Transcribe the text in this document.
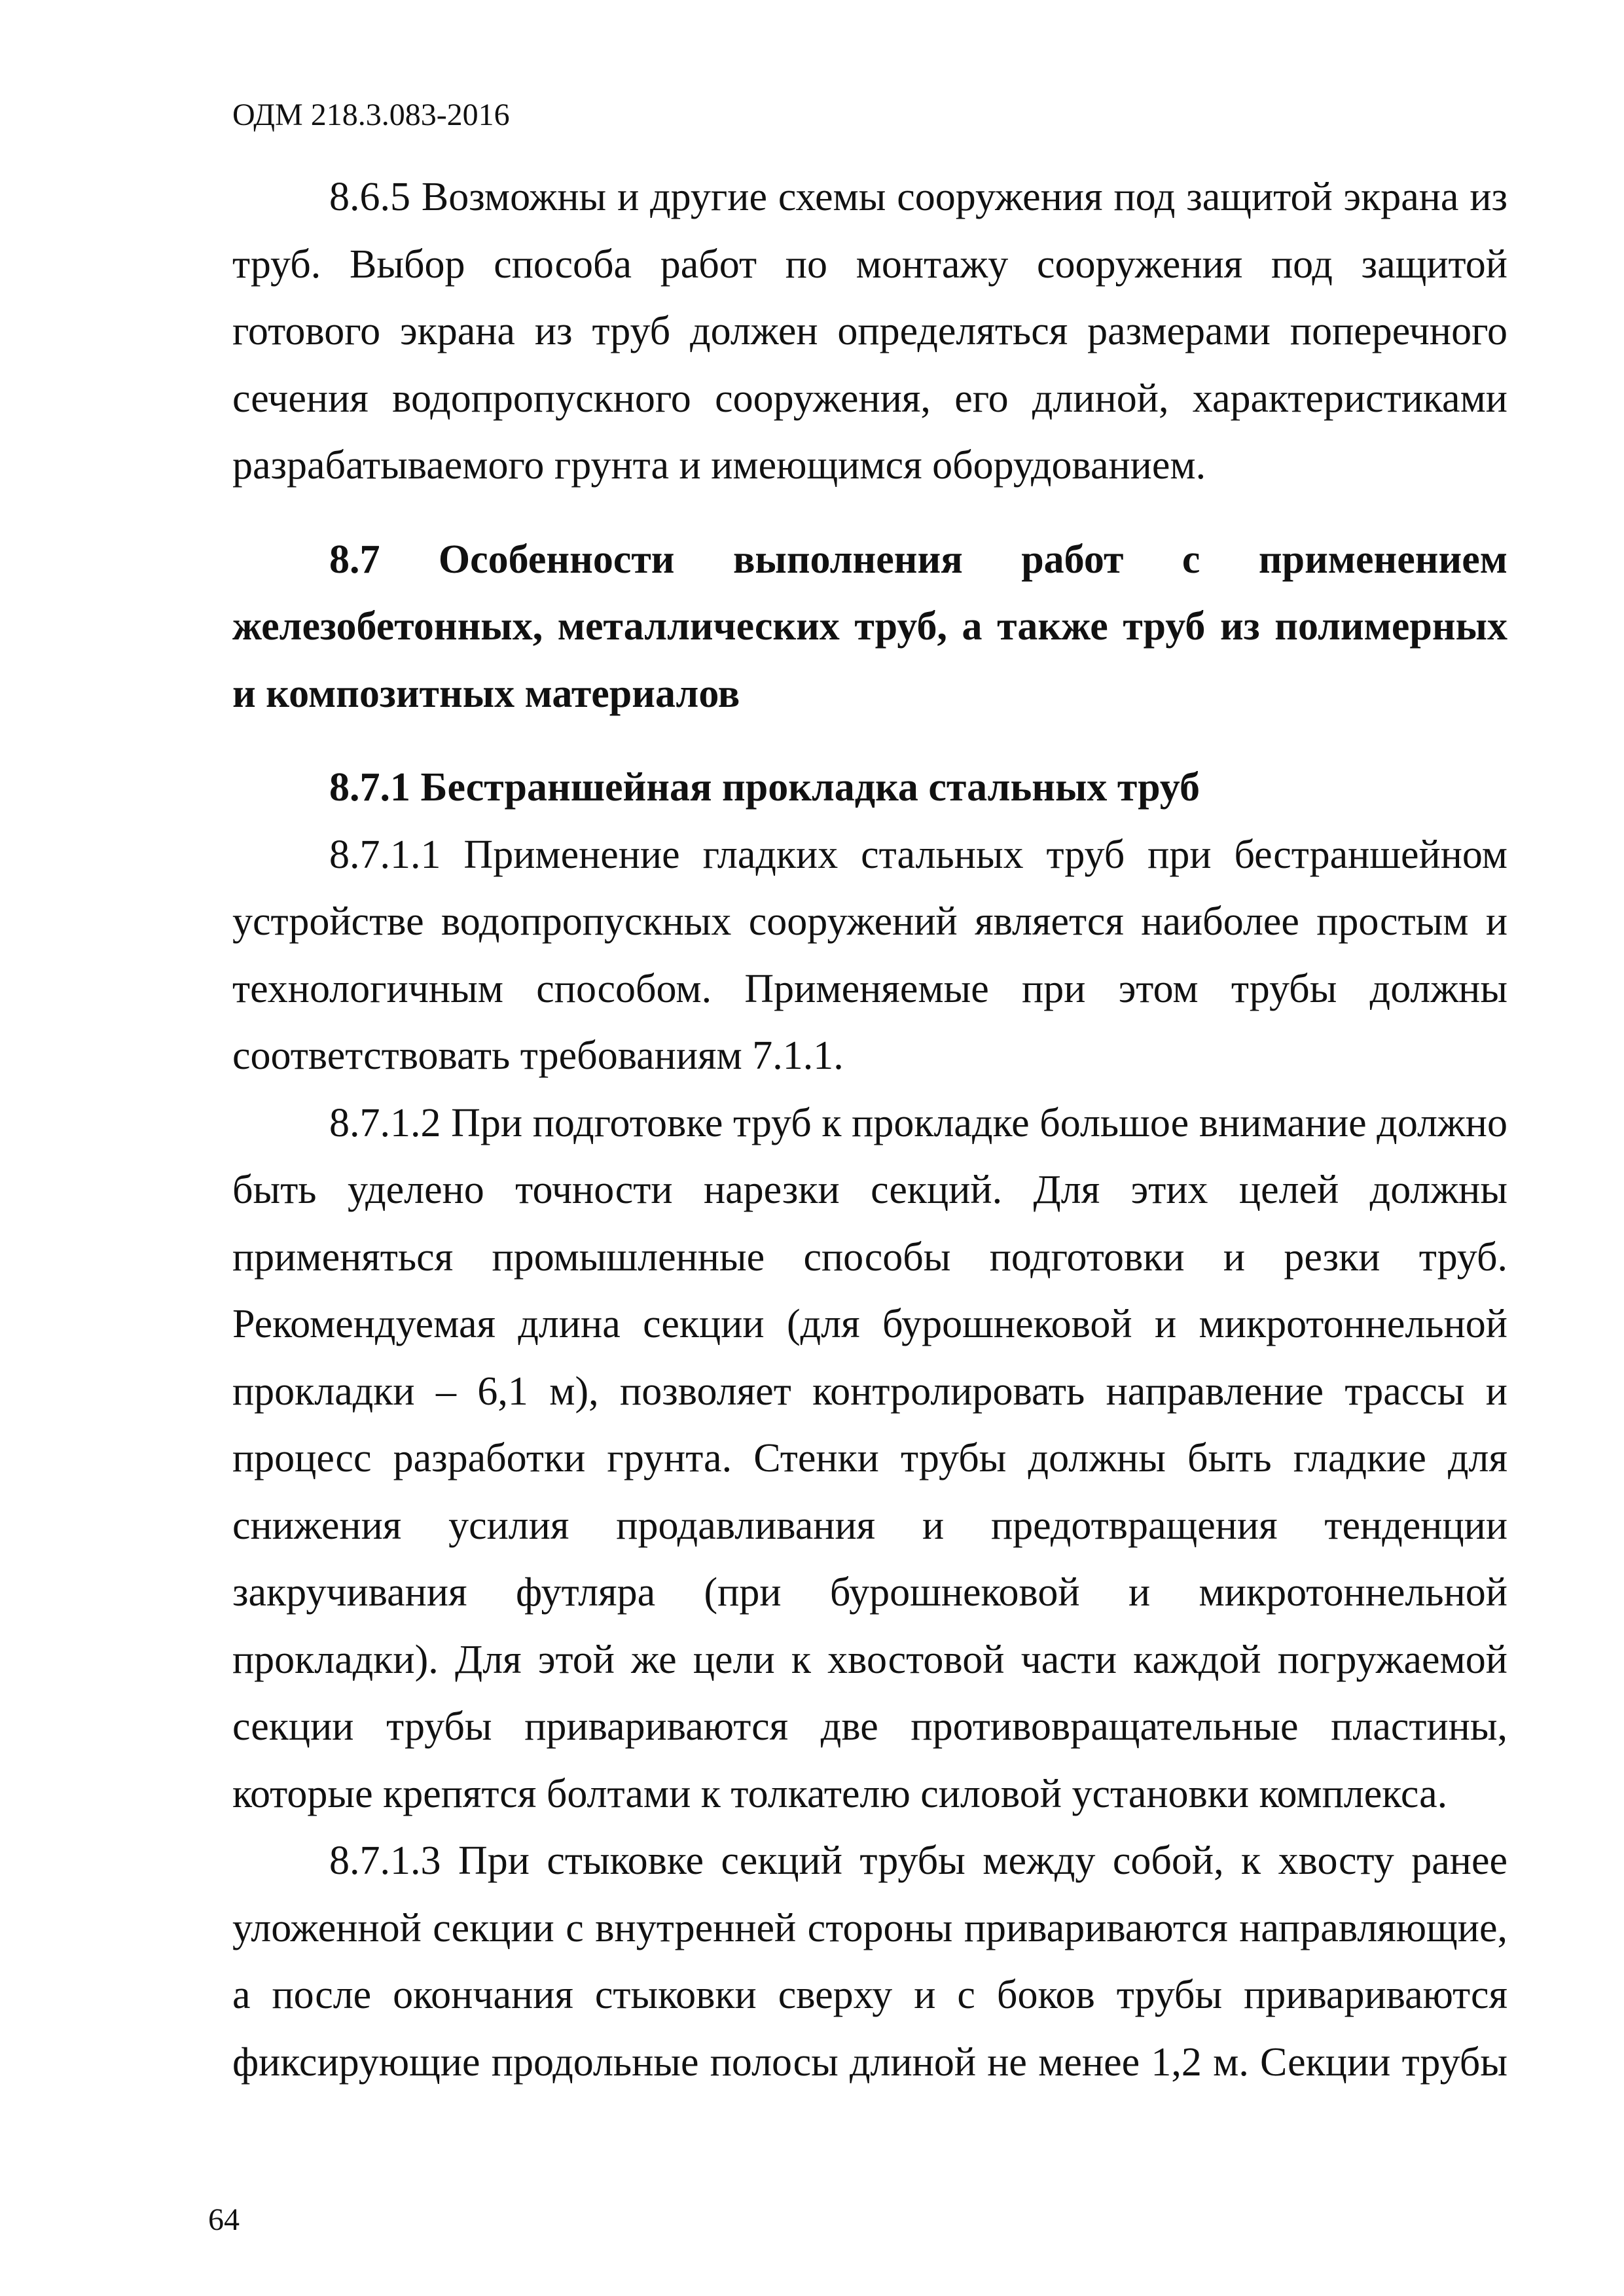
ОДМ 218.3.083-2016

8.6.5 Возможны и другие схемы сооружения под защитой экрана из труб. Выбор способа работ по монтажу сооружения под защитой готового экрана из труб должен определяться размерами поперечного сечения водопропускного сооружения, его длиной, характеристиками разрабатываемого грунта и имеющимся оборудованием.

8.7 Особенности выполнения работ с применением железобетонных, металлических труб, а также труб из полимерных и композитных материалов

8.7.1 Бестраншейная прокладка стальных труб

8.7.1.1 Применение гладких стальных труб при бестраншейном устройстве водопропускных сооружений является наиболее простым и технологичным способом. Применяемые при этом трубы должны соответствовать требованиям 7.1.1.

8.7.1.2 При подготовке труб к прокладке большое внимание должно быть уделено точности нарезки секций. Для этих целей должны применяться промышленные способы подготовки и резки труб. Рекомендуемая длина секции (для бурошнековой и микротоннельной прокладки – 6,1 м), позволяет контролировать направление трассы и процесс разработки грунта. Стенки трубы должны быть гладкие для снижения усилия продавливания и предотвращения тенденции закручивания футляра (при бурошнековой и микротоннельной прокладки). Для этой же цели к хвостовой части каждой погружаемой секции трубы привариваются две противовращательные пластины, которые крепятся болтами к толкателю силовой установки комплекса.

8.7.1.3 При стыковке секций трубы между собой, к хвосту ранее уложенной секции с внутренней стороны привариваются направляющие, а после окончания стыковки сверху и с боков трубы привариваются фиксирующие продольные полосы длиной не менее 1,2 м. Секции трубы

64
